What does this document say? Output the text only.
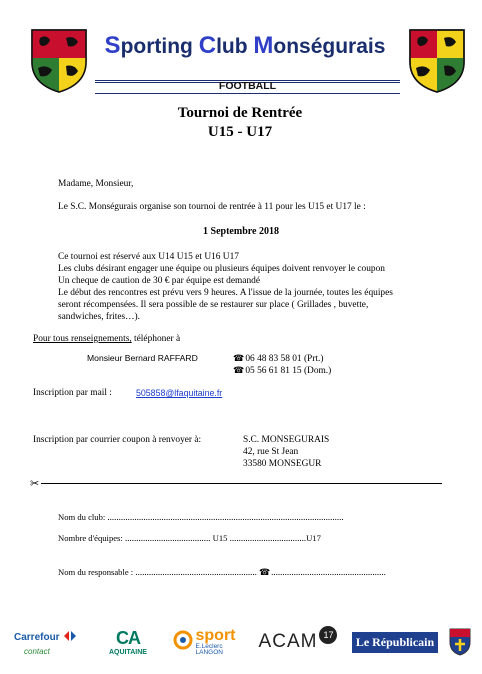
Sporting Club Monségurais
FOOTBALL
Tournoi de Rentrée
U15 - U17
Madame, Monsieur,
Le S.C. Monségurais organise son tournoi de rentrée à 11 pour les U15 et U17 le :
1 Septembre 2018
Ce tournoi est réservé aux U14 U15 et U16 U17
Les clubs désirant engager une équipe ou plusieurs équipes doivent renvoyer le coupon
Un cheque de caution de 30 € par équipe est demandé
Le début des rencontres est prévu vers 9 heures. A l'issue de la journée, toutes les équipes
seront récompensées. Il sera possible de se restaurer sur place ( Grillades , buvette,
sandwiches, frites…).
Pour tous renseignements, téléphoner à
Monsieur Bernard RAFFARD	☎ 06 48 83 58 01 (Prt.)
☎ 05 56 61 81 15 (Dom.)
Inscription par mail :	505858@lfaquitaine.fr
Inscription par courrier coupon à renvoyer à:	S.C. MONSEGURAIS
42, rue St Jean
33580 MONSEGUR
✂
Nom du club: .........................................................................................................
Nombre d'équipes: ...................................... U15 ..................................U17
Nom du responsable : ...................................................... ☎ ...................................................
Carrefour
contact
CA
AQUITAINE
sport
E.Leclerc
LANGON
ACAM 17	Le Républicain
